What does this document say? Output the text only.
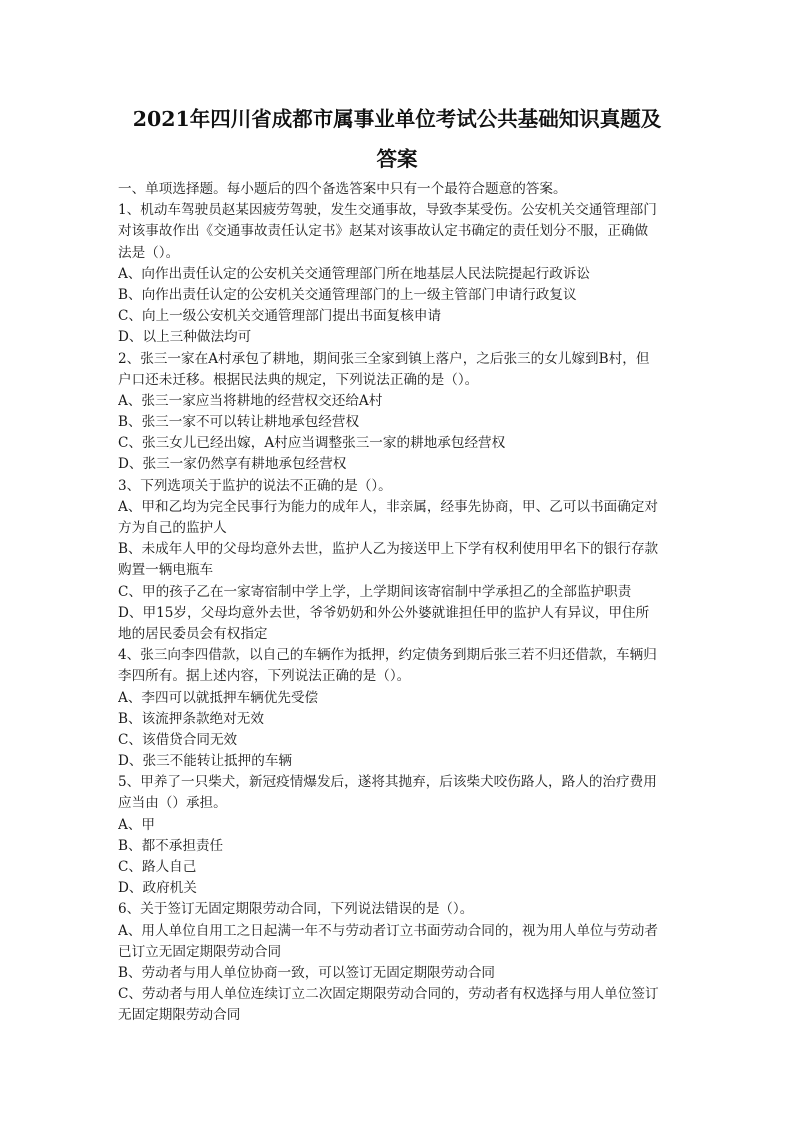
2021年四川省成都市属事业单位考试公共基础知识真题及
答案
一、单项选择题。每小题后的四个备选答案中只有一个最符合题意的答案。
1、机动车驾驶员赵某因疲劳驾驶，发生交通事故，导致李某受伤。公安机关交通管理部门
对该事故作出《交通事故责任认定书》赵某对该事故认定书确定的责任划分不服，正确做
法是（）。
A、向作出责任认定的公安机关交通管理部门所在地基层人民法院提起行政诉讼
B、向作出责任认定的公安机关交通管理部门的上一级主管部门申请行政复议
C、向上一级公安机关交通管理部门提出书面复核申请
D、以上三种做法均可
2、张三一家在A村承包了耕地，期间张三全家到镇上落户，之后张三的女儿嫁到B村，但
户口还未迁移。根据民法典的规定，下列说法正确的是（）。
A、张三一家应当将耕地的经营权交还给A村
B、张三一家不可以转让耕地承包经营权
C、张三女儿已经出嫁，A村应当调整张三一家的耕地承包经营权
D、张三一家仍然享有耕地承包经营权
3、下列选项关于监护的说法不正确的是（）。
A、甲和乙均为完全民事行为能力的成年人，非亲属，经事先协商，甲、乙可以书面确定对
方为自己的监护人
B、未成年人甲的父母均意外去世，监护人乙为接送甲上下学有权利使用甲名下的银行存款
购置一辆电瓶车
C、甲的孩子乙在一家寄宿制中学上学，上学期间该寄宿制中学承担乙的全部监护职责
D、甲15岁，父母均意外去世，爷爷奶奶和外公外婆就谁担任甲的监护人有异议，甲住所
地的居民委员会有权指定
4、张三向李四借款，以自己的车辆作为抵押，约定债务到期后张三若不归还借款，车辆归
李四所有。据上述内容，下列说法正确的是（）。
A、李四可以就抵押车辆优先受偿
B、该流押条款绝对无效
C、该借贷合同无效
D、张三不能转让抵押的车辆
5、甲养了一只柴犬，新冠疫情爆发后，遂将其抛弃，后该柴犬咬伤路人，路人的治疗费用
应当由（）承担。
A、甲
B、都不承担责任
C、路人自己
D、政府机关
6、关于签订无固定期限劳动合同，下列说法错误的是（）。
A、用人单位自用工之日起满一年不与劳动者订立书面劳动合同的，视为用人单位与劳动者
已订立无固定期限劳动合同
B、劳动者与用人单位协商一致，可以签订无固定期限劳动合同
C、劳动者与用人单位连续订立二次固定期限劳动合同的，劳动者有权选择与用人单位签订
无固定期限劳动合同
